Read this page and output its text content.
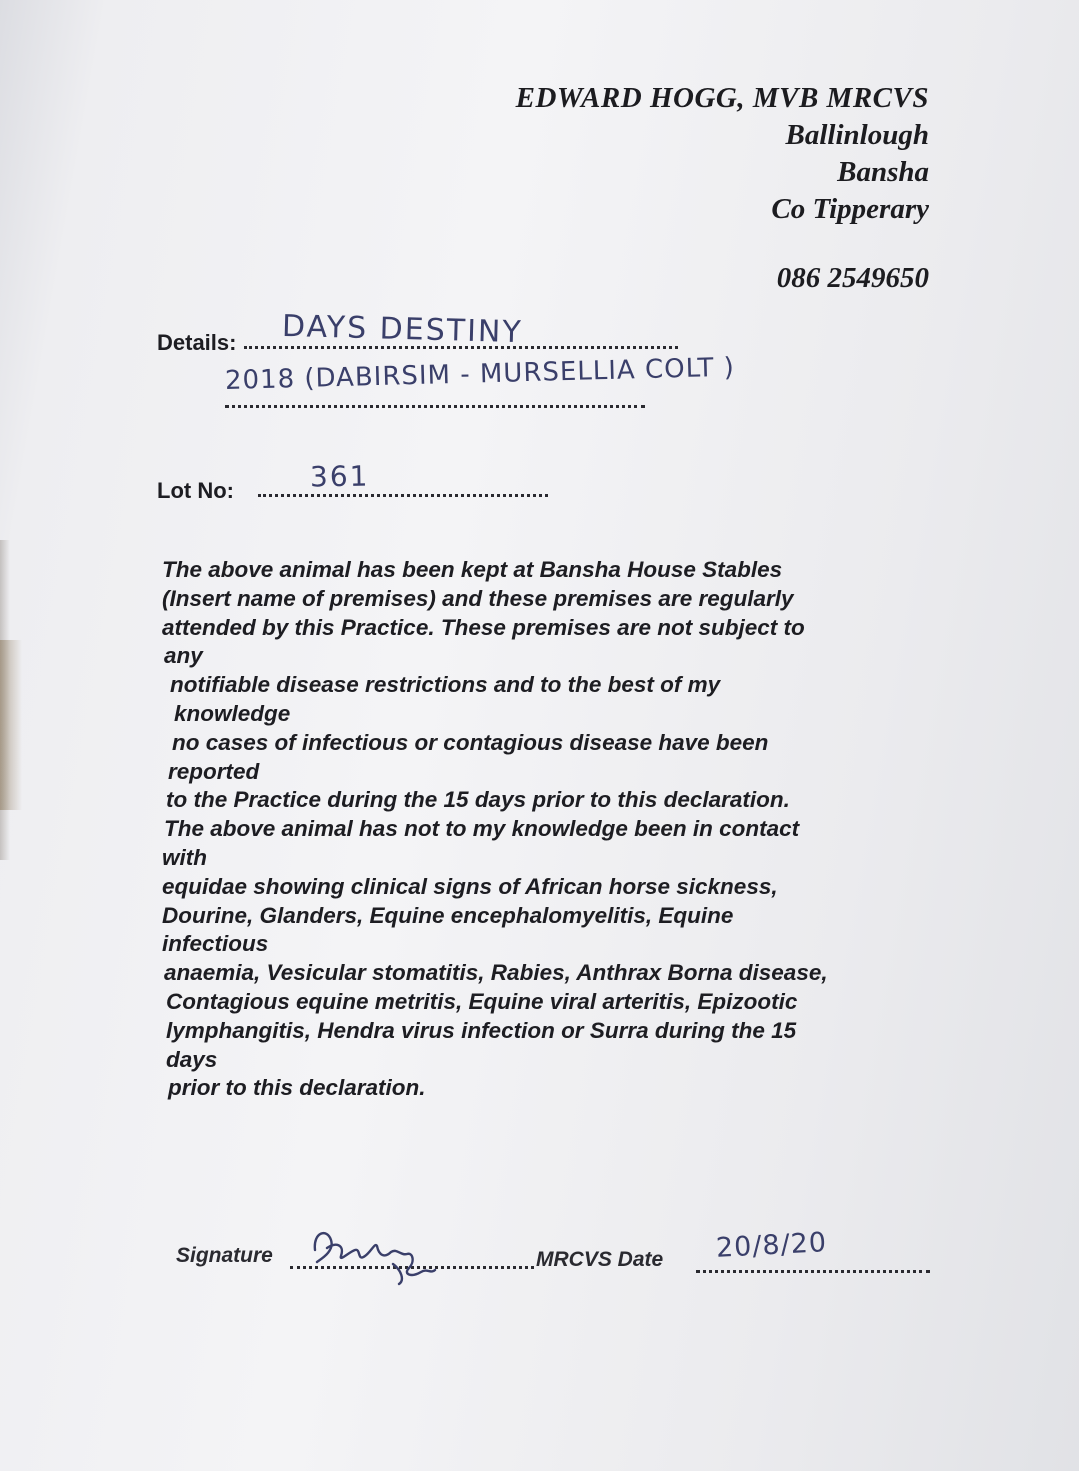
EDWARD HOGG, MVB MRCVS
Ballinlough
Bansha
Co Tipperary
086 2549650
Details: DAYS DESTINY
2018 (DABIRSIM - MURSELLIA COLT )
Lot No:	361
The above animal has been kept at Bansha House Stables
(Insert name of premises) and these premises are regularly
attended by this Practice. These premises are not subject to
any
notifiable disease restrictions and to the best of my
knowledge
no cases of infectious or contagious disease have been
reported
to the Practice during the 15 days prior to this declaration.
The above animal has not to my knowledge been in contact
with
equidae showing clinical signs of African horse sickness,
Dourine, Glanders, Equine encephalomyelitis, Equine
infectious
anaemia, Vesicular stomatitis, Rabies, Anthrax Borna disease,
Contagious equine metritis, Equine viral arteritis, Epizootic
lymphangitis, Hendra virus infection or Surra during the 15
days
prior to this declaration.
Signature	MRCVS Date 20/8/20
